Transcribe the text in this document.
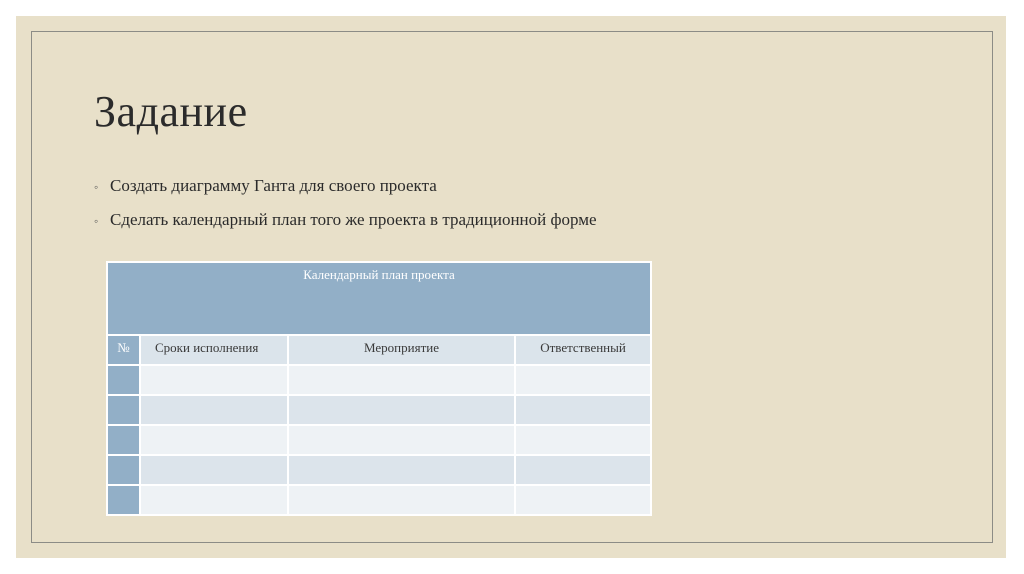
Задание
◦ Создать диаграмму Ганта для своего проекта
◦ Сделать календарный план того же проекта в традиционной форме
Календарный план проекта			
№	Сроки исполнения	Мероприятие	Ответственный
